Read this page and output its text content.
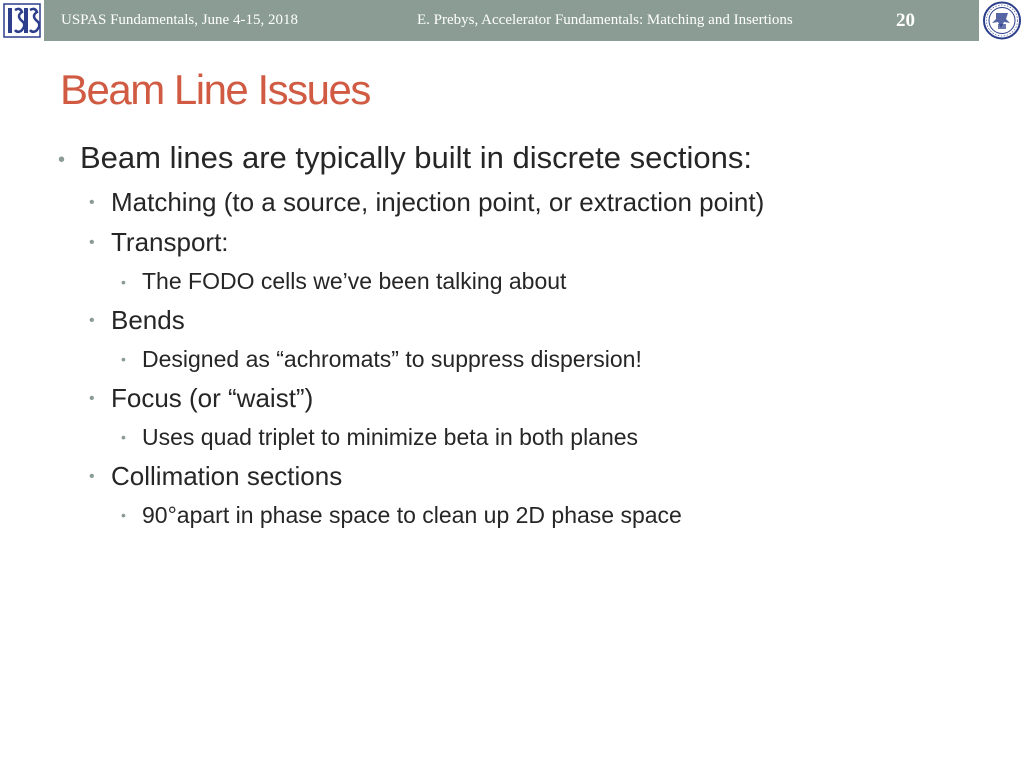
USPAS Fundamentals, June 4-15, 2018	E. Prebys, Accelerator Fundamentals: Matching and Insertions	20
Beam Line Issues
• Beam lines are typically built in discrete sections:
• Matching (to a source, injection point, or extraction point)
• Transport:
• The FODO cells we’ve been talking about
• Bends
• Designed as “achromats” to suppress dispersion!
• Focus (or “waist”)
• Uses quad triplet to minimize beta in both planes
• Collimation sections
• 90°apart in phase space to clean up 2D phase space
